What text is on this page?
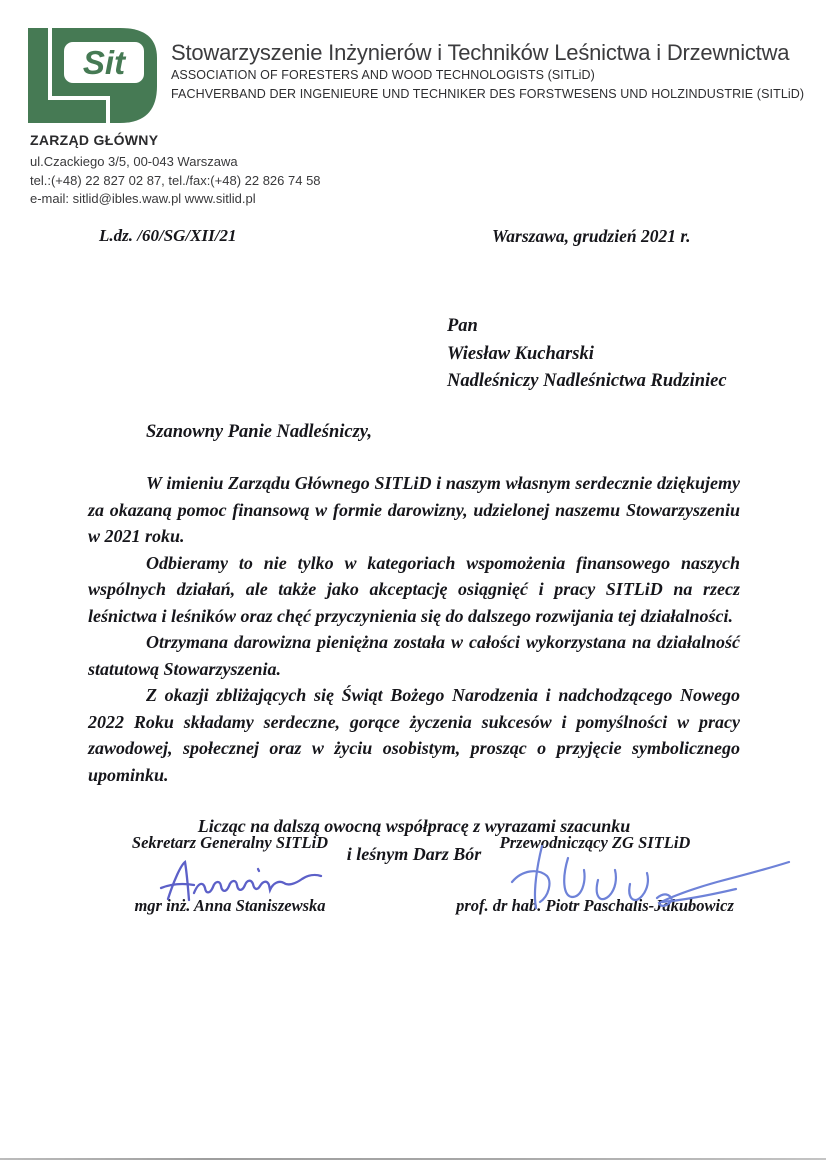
Sit Stowarzyszenie Inżynierów i Techników Leśnictwa i Drzewnictwa
ASSOCIATION OF FORESTERS AND WOOD TECHNOLOGISTS (SITLiD)
FACHVERBAND DER INGENIEURE UND TECHNIKER DES FORSTWESENS UND HOLZINDUSTRIE (SITLiD)
ZARZĄD GŁÓWNY
ul.Czackiego 3/5, 00-043 Warszawa
tel.:(+48) 22 827 02 87, tel./fax:(+48) 22 826 74 58
e-mail: sitlid@ibles.waw.pl www.sitlid.pl
L.dz. /60/SG/XII/21	Warszawa, grudzień 2021 r.
Pan
Wiesław Kucharski
Nadleśniczy Nadleśnictwa Rudziniec
Szanowny Panie Nadleśniczy,

W imieniu Zarządu Głównego SITLiD i naszym własnym serdecznie dziękujemy za okazaną pomoc finansową w formie darowizny, udzielonej naszemu Stowarzyszeniu w 2021 roku.

Odbieramy to nie tylko w kategoriach wspomożenia finansowego naszych wspólnych działań, ale także jako akceptację osiągnięć i pracy SITLiD na rzecz leśnictwa i leśników oraz chęć przyczynienia się do dalszego rozwijania tej działalności.

Otrzymana darowizna pieniężna została w całości wykorzystana na działalność statutową Stowarzyszenia.

Z okazji zbliżających się Świąt Bożego Narodzenia i nadchodzącego Nowego 2022 Roku składamy serdeczne, gorące życzenia sukcesów i pomyślności w pracy zawodowej, społecznej oraz w życiu osobistym, prosząc o przyjęcie symbolicznego upominku.

Licząc na dalszą owocną współpracę z wyrazami szacunku
i leśnym Darz Bór
Sekretarz Generalny SITLiD	Przewodniczący ZG SITLiD
mgr inż. Anna Staniszewska	prof. dr hab. Piotr Paschalis-Jakubowicz
